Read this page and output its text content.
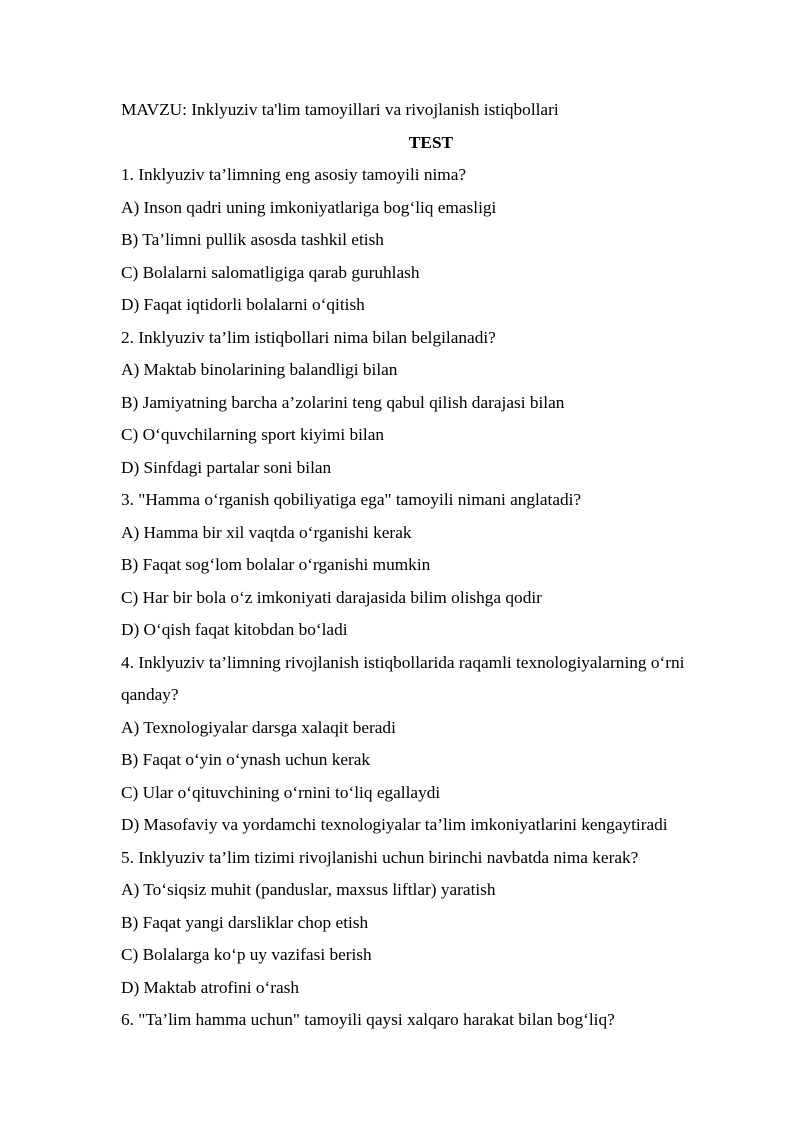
MAVZU: Inklyuziv ta'lim tamoyillari va rivojlanish istiqbollari
TEST
1. Inklyuziv ta’limning eng asosiy tamoyili nima?
A) Inson qadri uning imkoniyatlariga bog‘liq emasligi
B) Ta’limni pullik asosda tashkil etish
C) Bolalarni salomatligiga qarab guruhlash
D) Faqat iqtidorli bolalarni o‘qitish
2. Inklyuziv ta’lim istiqbollari nima bilan belgilanadi?
A) Maktab binolarining balandligi bilan
B) Jamiyatning barcha a’zolarini teng qabul qilish darajasi bilan
C) O‘quvchilarning sport kiyimi bilan
D) Sinfdagi partalar soni bilan
3. "Hamma o‘rganish qobiliyatiga ega" tamoyili nimani anglatadi?
A) Hamma bir xil vaqtda o‘rganishi kerak
B) Faqat sog‘lom bolalar o‘rganishi mumkin
C) Har bir bola o‘z imkoniyati darajasida bilim olishga qodir
D) O‘qish faqat kitobdan bo‘ladi
4. Inklyuziv ta’limning rivojlanish istiqbollarida raqamli texnologiyalarning o‘rni qanday?
A) Texnologiyalar darsga xalaqit beradi
B) Faqat o‘yin o‘ynash uchun kerak
C) Ular o‘qituvchining o‘rnini to‘liq egallaydi
D) Masofaviy va yordamchi texnologiyalar ta’lim imkoniyatlarini kengaytiradi
5. Inklyuziv ta’lim tizimi rivojlanishi uchun birinchi navbatda nima kerak?
A) To‘siqsiz muhit (panduslar, maxsus liftlar) yaratish
B) Faqat yangi darsliklar chop etish
C) Bolalarga ko‘p uy vazifasi berish
D) Maktab atrofini o‘rash
6. "Ta’lim hamma uchun" tamoyili qaysi xalqaro harakat bilan bog‘liq?
